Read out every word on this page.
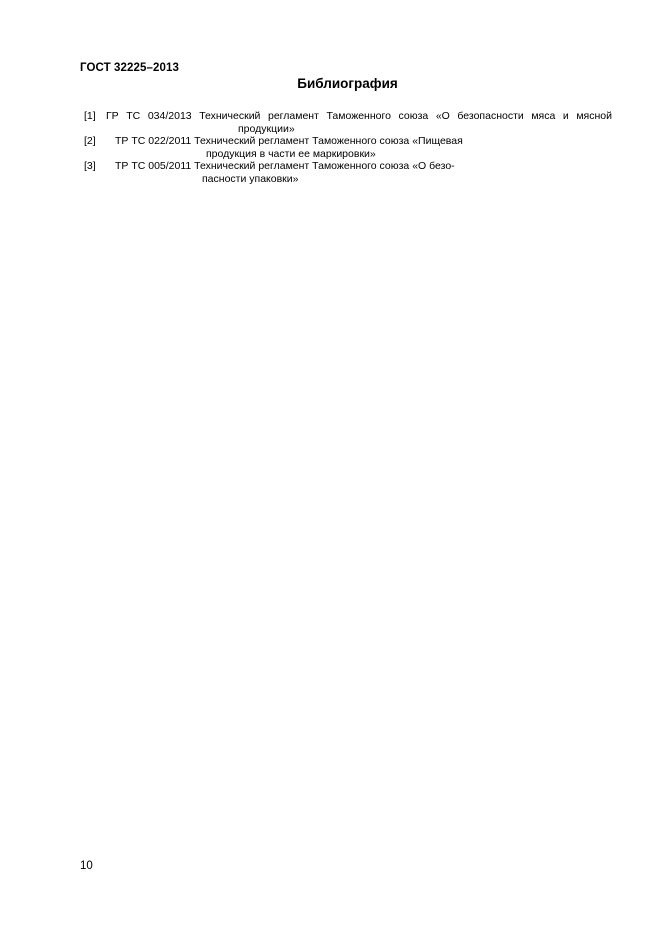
ГОСТ 32225–2013
Библиография
[1] ГР ТС 034/2013 Технический регламент Таможенного союза «О безопасности мяса и мясной
продукции»
[2]	ТР ТС 022/2011 Технический регламент Таможенного союза «Пищевая
продукция в части ее маркировки»
[3]	ТР ТС 005/2011 Технический регламент Таможенного союза «О безо-
пасности упаковки»
10
